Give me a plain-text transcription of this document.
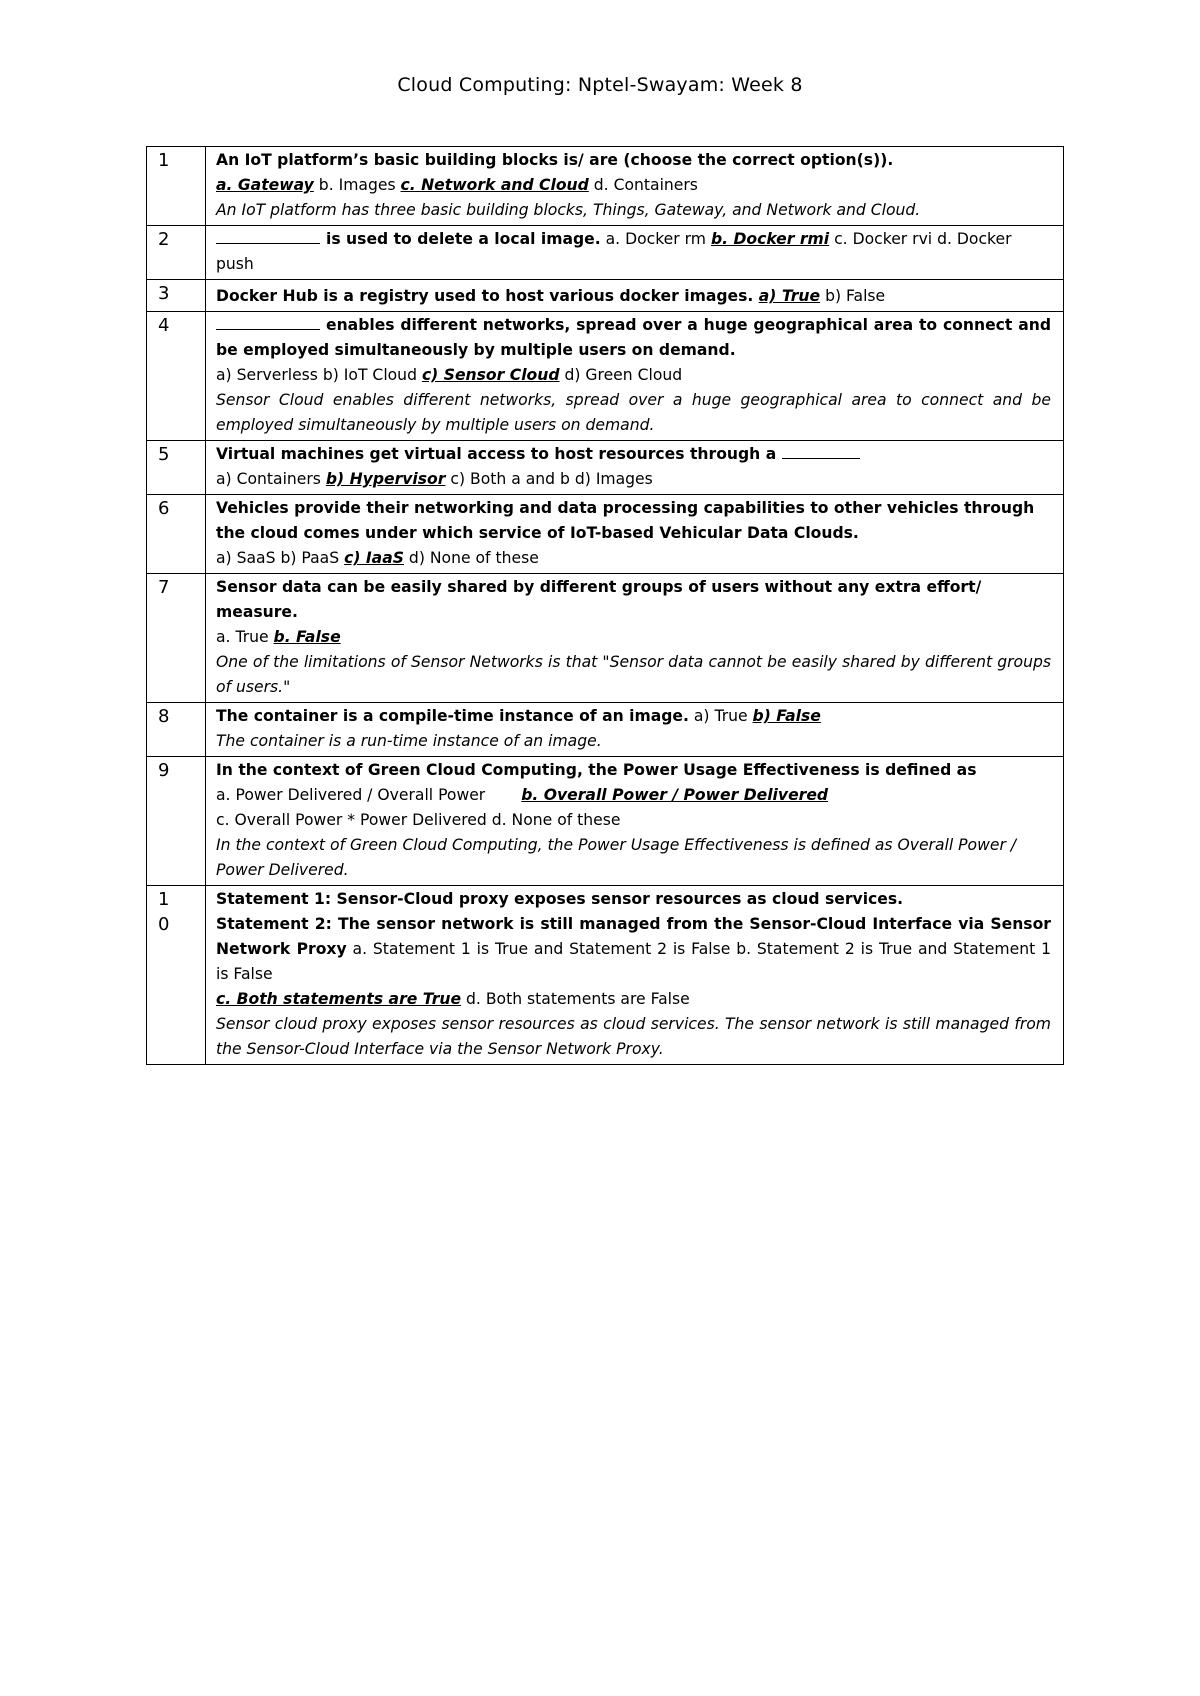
Cloud Computing: Nptel-Swayam: Week 8
1	An IoT platform’s basic building blocks is/ are (choose the correct option(s)).
a. Gateway b. Images c. Network and Cloud d. Containers
An IoT platform has three basic building blocks, Things, Gateway, and Network and Cloud.

2	is used to delete a local image. a. Docker rm b. Docker rmi c. Docker rvi d. Docker push

3	Docker Hub is a registry used to host various docker images. a) True b) False

4	enables different networks, spread over a huge geographical area to connect and be employed simultaneously by multiple users on demand.
a) Serverless b) IoT Cloud c) Sensor Cloud d) Green Cloud
Sensor Cloud enables different networks, spread over a huge geographical area to connect and be employed simultaneously by multiple users on demand.

5	Virtual machines get virtual access to host resources through a
a) Containers b) Hypervisor c) Both a and b d) Images

6	Vehicles provide their networking and data processing capabilities to other vehicles through the cloud comes under which service of IoT-based Vehicular Data Clouds.
a) SaaS b) PaaS c) IaaS d) None of these

7	Sensor data can be easily shared by different groups of users without any extra effort/ measure.
a. True b. False
One of the limitations of Sensor Networks is that "Sensor data cannot be easily shared by different groups of users."

8	The container is a compile-time instance of an image. a) True b) False
The container is a run-time instance of an image.

9	In the context of Green Cloud Computing, the Power Usage Effectiveness is defined as
a. Power Delivered / Overall Power b. Overall Power / Power Delivered
c. Overall Power * Power Delivered d. None of these
In the context of Green Cloud Computing, the Power Usage Effectiveness is defined as Overall Power / Power Delivered.

1
0	Statement 1: Sensor-Cloud proxy exposes sensor resources as cloud services.
Statement 2: The sensor network is still managed from the Sensor-Cloud Interface via Sensor Network Proxy a. Statement 1 is True and Statement 2 is False b. Statement 2 is True and Statement 1 is False
c. Both statements are True d. Both statements are False
Sensor cloud proxy exposes sensor resources as cloud services. The sensor network is still managed from the Sensor-Cloud Interface via the Sensor Network Proxy.
